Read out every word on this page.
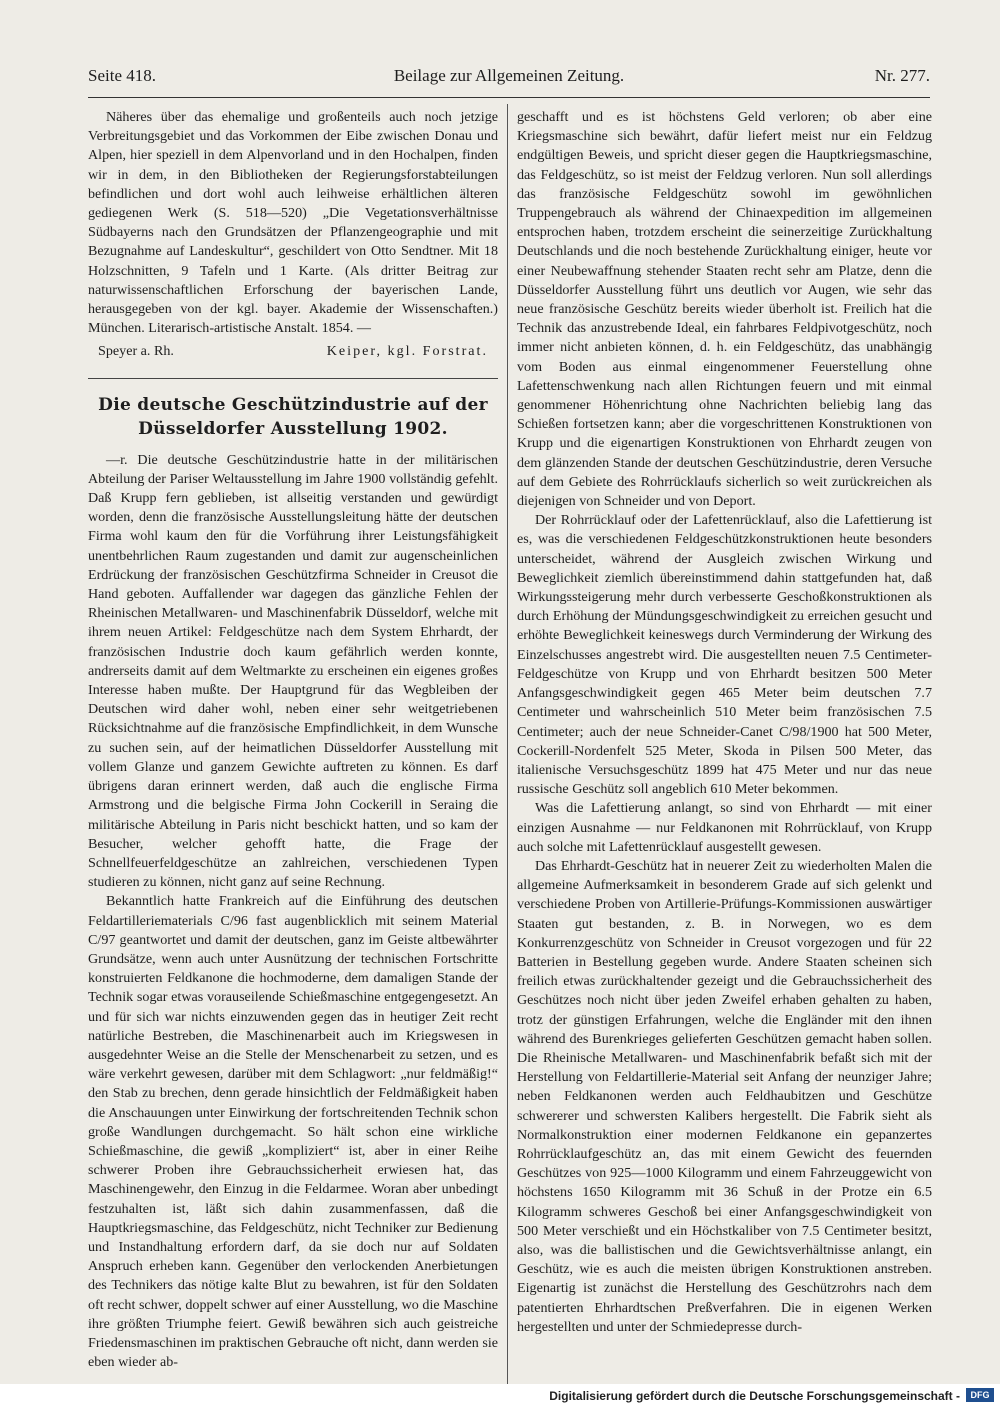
Seite 418.	Beilage zur Allgemeinen Zeitung.	Nr. 277.

Näheres über das ehemalige und großenteils auch noch jetzige Verbreitungsgebiet und das Vorkommen der Eibe zwischen Donau und Alpen, hier speziell in dem Alpenvorland und in den Hochalpen, finden wir in dem, in den Bibliotheken der Regierungsforstabteilungen befindlichen und dort wohl auch leihweise erhältlichen älteren gediegenen Werk (S. 518—520) „Die Vegetationsverhältnisse Südbayerns nach den Grundsätzen der Pflanzengeographie und mit Bezugnahme auf Landeskultur“, geschildert von Otto Sendtner. Mit 18 Holzschnitten, 9 Tafeln und 1 Karte. (Als dritter Beitrag zur naturwissenschaftlichen Erforschung der bayerischen Lande, herausgegeben von der kgl. bayer. Akademie der Wissenschaften.) München. Literarisch-artistische Anstalt. 1854. —

Speyer a. Rh.	Keiper, kgl. Forstrat.
Die deutsche Geschützindustrie auf der Düsseldorfer Ausstellung 1902.

—r. Die deutsche Geschützindustrie hatte in der militärischen Abteilung der Pariser Weltausstellung im Jahre 1900 vollständig gefehlt. Daß Krupp fern geblieben, ist allseitig verstanden und gewürdigt worden, denn die französische Ausstellungsleitung hätte der deutschen Firma wohl kaum den für die Vorführung ihrer Leistungsfähigkeit unentbehrlichen Raum zugestanden und damit zur augenscheinlichen Erdrückung der französischen Geschützfirma Schneider in Creusot die Hand geboten. Auffallender war dagegen das gänzliche Fehlen der Rheinischen Metallwaren- und Maschinenfabrik Düsseldorf, welche mit ihrem neuen Artikel: Feldgeschütze nach dem System Ehrhardt, der französischen Industrie doch kaum gefährlich werden konnte, andrerseits damit auf dem Weltmarkte zu erscheinen ein eigenes großes Interesse haben mußte. Der Hauptgrund für das Wegbleiben der Deutschen wird daher wohl, neben einer sehr weitgetriebenen Rücksichtnahme auf die französische Empfindlichkeit, in dem Wunsche zu suchen sein, auf der heimatlichen Düsseldorfer Ausstellung mit vollem Glanze und ganzem Gewichte auftreten zu können. Es darf übrigens daran erinnert werden, daß auch die englische Firma Armstrong und die belgische Firma John Cockerill in Seraing die militärische Abteilung in Paris nicht beschickt hatten, und so kam der Besucher, welcher gehofft hatte, die Frage der Schnellfeuerfeldgeschütze an zahlreichen, verschiedenen Typen studieren zu können, nicht ganz auf seine Rechnung.

Bekanntlich hatte Frankreich auf die Einführung des deutschen Feldartilleriematerials C/96 fast augenblicklich mit seinem Material C/97 geantwortet und damit der deutschen, ganz im Geiste altbewährter Grundsätze, wenn auch unter Ausnützung der technischen Fortschritte konstruierten Feldkanone die hochmoderne, dem damaligen Stande der Technik sogar etwas vorauseilende Schießmaschine entgegengesetzt. An und für sich war nichts einzuwenden gegen das in heutiger Zeit recht natürliche Bestreben, die Maschinenarbeit auch im Kriegswesen in ausgedehnter Weise an die Stelle der Menschenarbeit zu setzen, und es wäre verkehrt gewesen, darüber mit dem Schlagwort: „nur feldmäßig!“ den Stab zu brechen, denn gerade hinsichtlich der Feldmäßigkeit haben die Anschauungen unter Einwirkung der fortschreitenden Technik schon große Wandlungen durchgemacht. So hält schon eine wirkliche Schießmaschine, die gewiß „kompliziert“ ist, aber in einer Reihe schwerer Proben ihre Gebrauchssicherheit erwiesen hat, das Maschinengewehr, den Einzug in die Feldarmee. Woran aber unbedingt festzuhalten ist, läßt sich dahin zusammenfassen, daß die Hauptkriegsmaschine, das Feldgeschütz, nicht Techniker zur Bedienung und Instandhaltung erfordern darf, da sie doch nur auf Soldaten Anspruch erheben kann. Gegenüber den verlockenden Anerbietungen des Technikers das nötige kalte Blut zu bewahren, ist für den Soldaten oft recht schwer, doppelt schwer auf einer Ausstellung, wo die Maschine ihre größten Triumphe feiert. Gewiß bewähren sich auch geistreiche Friedensmaschinen im praktischen Gebrauche oft nicht, dann werden sie eben wieder ab-

geschafft und es ist höchstens Geld verloren; ob aber eine Kriegsmaschine sich bewährt, dafür liefert meist nur ein Feldzug endgültigen Beweis, und spricht dieser gegen die Hauptkriegsmaschine, das Feldgeschütz, so ist meist der Feldzug verloren. Nun soll allerdings das französische Feldgeschütz sowohl im gewöhnlichen Truppengebrauch als während der Chinaexpedition im allgemeinen entsprochen haben, trotzdem erscheint die seinerzeitige Zurückhaltung Deutschlands und die noch bestehende Zurückhaltung einiger, heute vor einer Neubewaffnung stehender Staaten recht sehr am Platze, denn die Düsseldorfer Ausstellung führt uns deutlich vor Augen, wie sehr das neue französische Geschütz bereits wieder überholt ist. Freilich hat die Technik das anzustrebende Ideal, ein fahrbares Feldpivotgeschütz, noch immer nicht anbieten können, d. h. ein Feldgeschütz, das unabhängig vom Boden aus einmal eingenommener Feuerstellung ohne Lafettenschwenkung nach allen Richtungen feuern und mit einmal genommener Höhenrichtung ohne Nachrichten beliebig lang das Schießen fortsetzen kann; aber die vorgeschrittenen Konstruktionen von Krupp und die eigenartigen Konstruktionen von Ehrhardt zeugen von dem glänzenden Stande der deutschen Geschützindustrie, deren Versuche auf dem Gebiete des Rohrrücklaufs sicherlich so weit zurückreichen als diejenigen von Schneider und von Deport.

Der Rohrrücklauf oder der Lafettenrücklauf, also die Lafettierung ist es, was die verschiedenen Feldgeschützkonstruktionen heute besonders unterscheidet, während der Ausgleich zwischen Wirkung und Beweglichkeit ziemlich übereinstimmend dahin stattgefunden hat, daß Wirkungssteigerung mehr durch verbesserte Geschoßkonstruktionen als durch Erhöhung der Mündungsgeschwindigkeit zu erreichen gesucht und erhöhte Beweglichkeit keineswegs durch Verminderung der Wirkung des Einzelschusses angestrebt wird. Die ausgestellten neuen 7.5 Centimeter-Feldgeschütze von Krupp und von Ehrhardt besitzen 500 Meter Anfangsgeschwindigkeit gegen 465 Meter beim deutschen 7.7 Centimeter und wahrscheinlich 510 Meter beim französischen 7.5 Centimeter; auch der neue Schneider-Canet C/98/1900 hat 500 Meter, Cockerill-Nordenfelt 525 Meter, Skoda in Pilsen 500 Meter, das italienische Versuchsgeschütz 1899 hat 475 Meter und nur das neue russische Geschütz soll angeblich 610 Meter bekommen.

Was die Lafettierung anlangt, so sind von Ehrhardt — mit einer einzigen Ausnahme — nur Feldkanonen mit Rohrrücklauf, von Krupp auch solche mit Lafettenrücklauf ausgestellt gewesen.

Das Ehrhardt-Geschütz hat in neuerer Zeit zu wiederholten Malen die allgemeine Aufmerksamkeit in besonderem Grade auf sich gelenkt und verschiedene Proben von Artillerie-Prüfungs-Kommissionen auswärtiger Staaten gut bestanden, z. B. in Norwegen, wo es dem Konkurrenzgeschütz von Schneider in Creusot vorgezogen und für 22 Batterien in Bestellung gegeben wurde. Andere Staaten scheinen sich freilich etwas zurückhaltender gezeigt und die Gebrauchssicherheit des Geschützes noch nicht über jeden Zweifel erhaben gehalten zu haben, trotz der günstigen Erfahrungen, welche die Engländer mit den ihnen während des Burenkrieges gelieferten Geschützen gemacht haben sollen. Die Rheinische Metallwaren- und Maschinenfabrik befaßt sich mit der Herstellung von Feldartillerie-Material seit Anfang der neunziger Jahre; neben Feldkanonen werden auch Feldhaubitzen und Geschütze schwererer und schwersten Kalibers hergestellt. Die Fabrik sieht als Normalkonstruktion einer modernen Feldkanone ein gepanzertes Rohrrücklaufgeschütz an, das mit einem Gewicht des feuernden Geschützes von 925—1000 Kilogramm und einem Fahrzeuggewicht von höchstens 1650 Kilogramm mit 36 Schuß in der Protze ein 6.5 Kilogramm schweres Geschoß bei einer Anfangsgeschwindigkeit von 500 Meter verschießt und ein Höchstkaliber von 7.5 Centimeter besitzt, also, was die ballistischen und die Gewichtsverhältnisse anlangt, ein Geschütz, wie es auch die meisten übrigen Konstruktionen anstreben. Eigenartig ist zunächst die Herstellung des Geschützrohrs nach dem patentierten Ehrhardtschen Preßverfahren. Die in eigenen Werken hergestellten und unter der Schmiedepresse durch-

Digitalisierung gefördert durch die Deutsche Forschungsgemeinschaft -	DFG
